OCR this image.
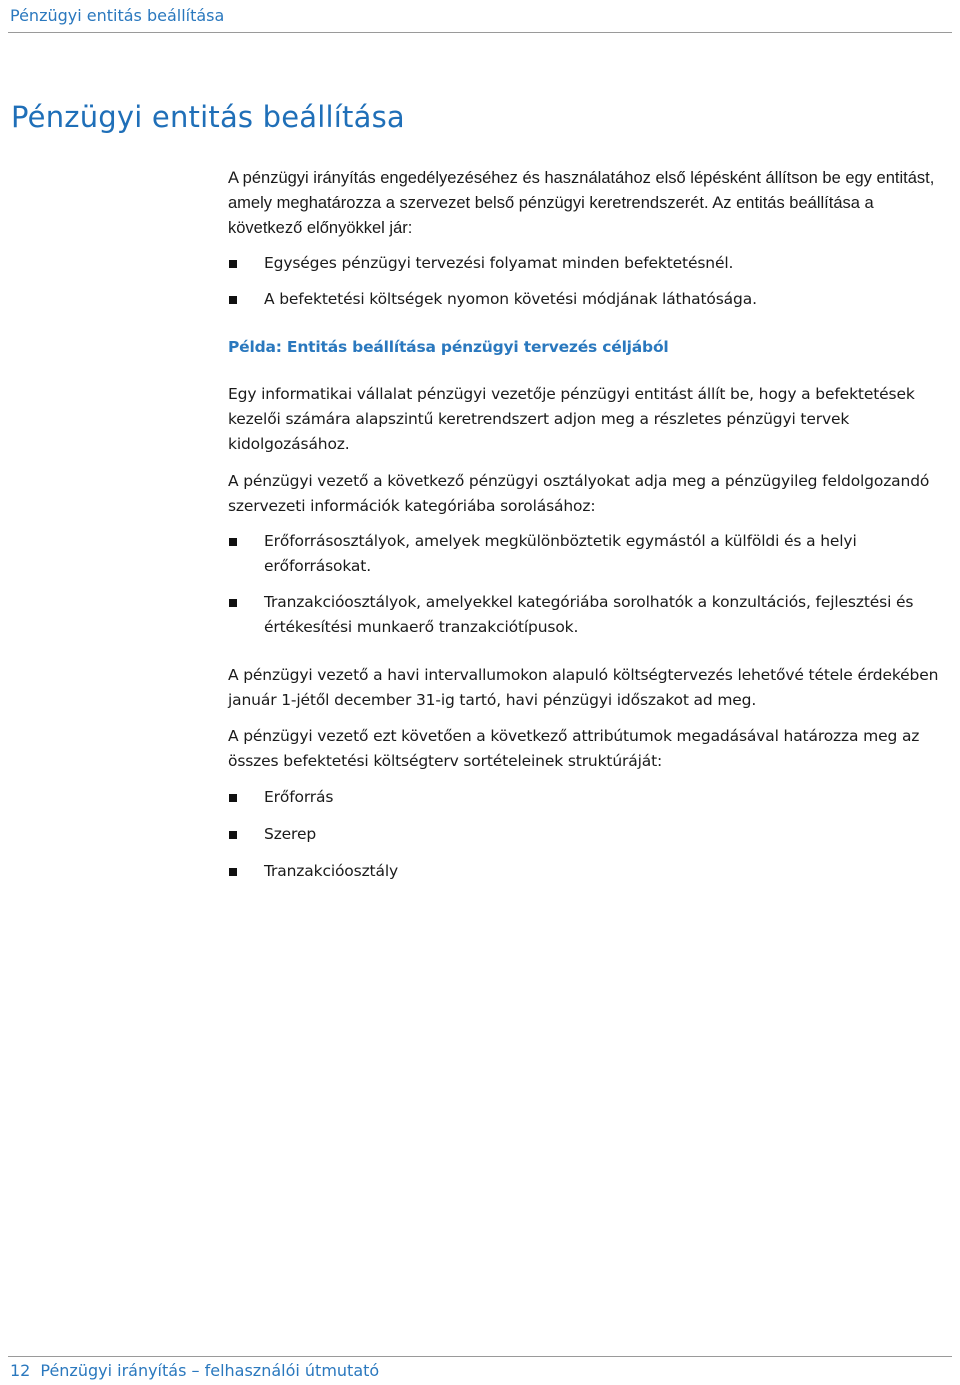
Pénzügyi entitás beállítása
Pénzügyi entitás beállítása

A pénzügyi irányítás engedélyezéséhez és használatához első lépésként állítson be egy entitást, amely meghatározza a szervezet belső pénzügyi keretrendszerét. Az entitás beállítása a következő előnyökkel jár:

Egységes pénzügyi tervezési folyamat minden befektetésnél.
A befektetési költségek nyomon követési módjának láthatósága.
Példa: Entitás beállítása pénzügyi tervezés céljából

Egy informatikai vállalat pénzügyi vezetője pénzügyi entitást állít be, hogy a befektetések kezelői számára alapszintű keretrendszert adjon meg a részletes pénzügyi tervek kidolgozásához.

A pénzügyi vezető a következő pénzügyi osztályokat adja meg a pénzügyileg feldolgozandó szervezeti információk kategóriába sorolásához:

Erőforrásosztályok, amelyek megkülönböztetik egymástól a külföldi és a helyi erőforrásokat.
Tranzakcióosztályok, amelyekkel kategóriába sorolhatók a konzultációs, fejlesztési és értékesítési munkaerő tranzakciótípusok.

A pénzügyi vezető a havi intervallumokon alapuló költségtervezés lehetővé tétele érdekében január 1-jétől december 31-ig tartó, havi pénzügyi időszakot ad meg.

A pénzügyi vezető ezt követően a következő attribútumok megadásával határozza meg az összes befektetési költségterv sortételeinek struktúráját:

Erőforrás
Szerep
Tranzakcióosztály
12 Pénzügyi irányítás – felhasználói útmutató
